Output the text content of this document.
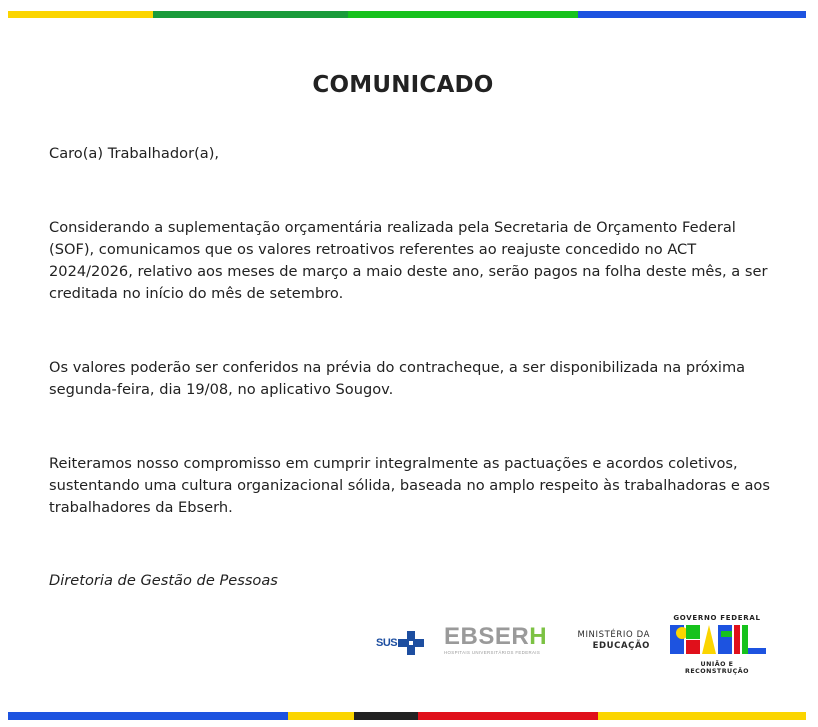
COMUNICADO

Caro(a) Trabalhador(a),

Considerando a suplementação orçamentária realizada pela Secretaria de Orçamento Federal (SOF), comunicamos que os valores retroativos referentes ao reajuste concedido no ACT 2024/2026, relativo aos meses de março a maio deste ano, serão pagos na folha deste mês, a ser creditada no início do mês de setembro.

Os valores poderão ser conferidos na prévia do contracheque, a ser disponibilizada na próxima segunda-feira, dia 19/08, no aplicativo Sougov.

Reiteramos nosso compromisso em cumprir integralmente as pactuações e acordos coletivos, sustentando uma cultura organizacional sólida, baseada no amplo respeito às trabalhadoras e aos trabalhadores da Ebserh.

Diretoria de Gestão de Pessoas

SUS EBSERH
HOSPITAIS UNIVERSITÁRIOS FEDERAIS
MINISTÉRIO DA
EDUCAÇÃO
GOVERNO FEDERAL
UNIÃO E RECONSTRUÇÃO
